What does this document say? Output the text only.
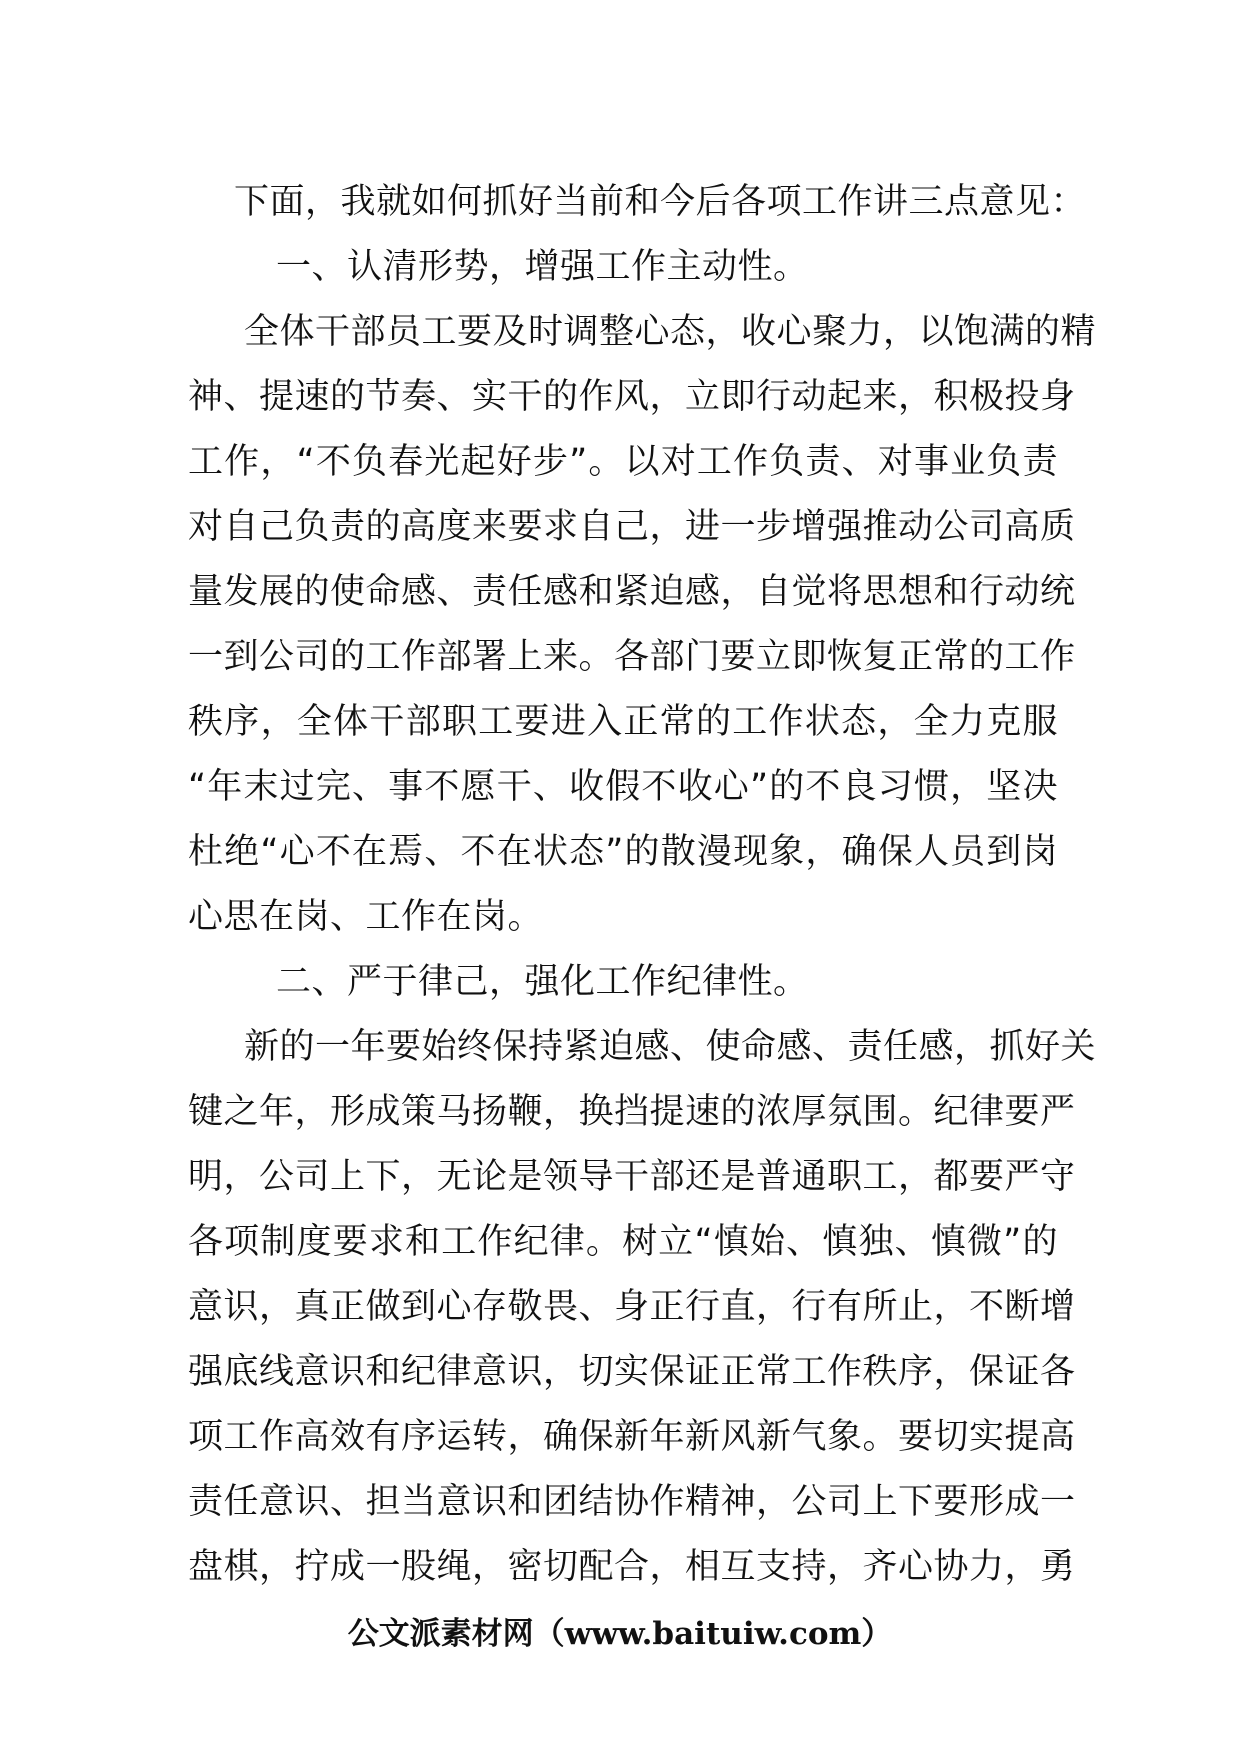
下面，我就如何抓好当前和今后各项工作讲三点意见：
一、认清形势，增强工作主动性。
全体干部员工要及时调整心态，收心聚力，以饱满的精
神、提速的节奏、实干的作风，立即行动起来，积极投身
工作，“不负春光起好步”。以对工作负责、对事业负责
对自己负责的高度来要求自己，进一步增强推动公司高质
量发展的使命感、责任感和紧迫感，自觉将思想和行动统
一到公司的工作部署上来。各部门要立即恢复正常的工作
秩序，全体干部职工要进入正常的工作状态，全力克服
“年末过完、事不愿干、收假不收心”的不良习惯，坚决
杜绝“心不在焉、不在状态”的散漫现象，确保人员到岗
心思在岗、工作在岗。
二、严于律己，强化工作纪律性。
新的一年要始终保持紧迫感、使命感、责任感，抓好关
键之年，形成策马扬鞭，换挡提速的浓厚氛围。纪律要严
明，公司上下，无论是领导干部还是普通职工，都要严守
各项制度要求和工作纪律。树立“慎始、慎独、慎微”的
意识，真正做到心存敬畏、身正行直，行有所止，不断增
强底线意识和纪律意识，切实保证正常工作秩序，保证各
项工作高效有序运转，确保新年新风新气象。要切实提高
责任意识、担当意识和团结协作精神，公司上下要形成一
盘棋，拧成一股绳，密切配合，相互支持，齐心协力，勇
公文派素材网（www.baituiw.com）
